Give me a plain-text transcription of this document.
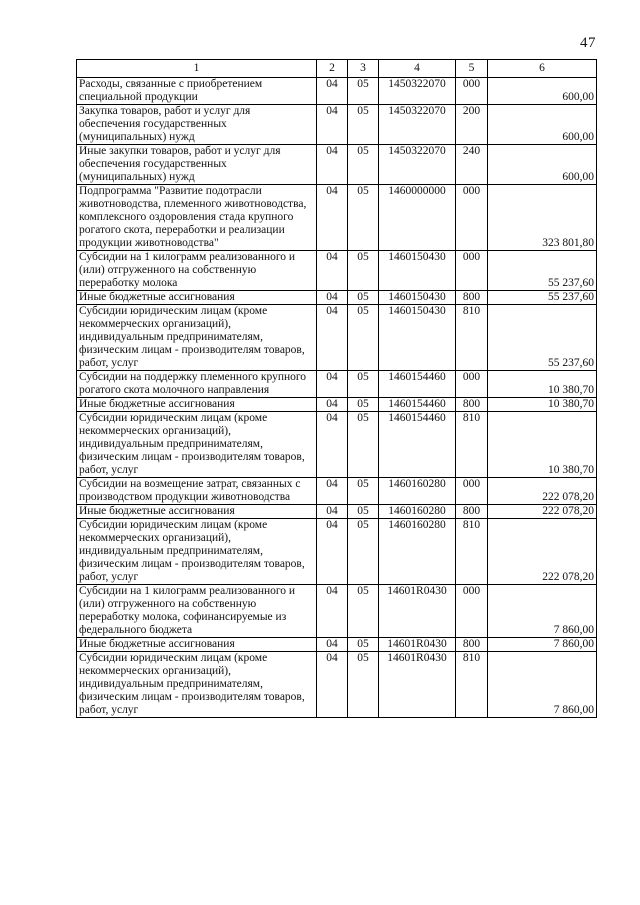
47
1	2	3	4	5	6
Расходы, связанные с приобретением специальной продукции	04	05	1450322070	000	600,00
Закупка товаров, работ и услуг для обеспечения государственных (муниципальных) нужд	04	05	1450322070	200	600,00
Иные закупки товаров, работ и услуг для обеспечения государственных (муниципальных) нужд	04	05	1450322070	240	600,00
Подпрограмма "Развитие подотрасли животноводства, племенного животноводства, комплексного оздоровления стада крупного рогатого скота, переработки и реализации продукции животноводства"	04	05	1460000000	000	323 801,80
Субсидии на 1 килограмм реализованного и (или) отгруженного на собственную переработку молока	04	05	1460150430	000	55 237,60
Иные бюджетные ассигнования	04	05	1460150430	800	55 237,60
Субсидии юридическим лицам (кроме некоммерческих организаций), индивидуальным предпринимателям, физическим лицам - производителям товаров, работ, услуг	04	05	1460150430	810	55 237,60
Субсидии на поддержку племенного крупного рогатого скота молочного направления	04	05	1460154460	000	10 380,70
Иные бюджетные ассигнования	04	05	1460154460	800	10 380,70
Субсидии юридическим лицам (кроме некоммерческих организаций), индивидуальным предпринимателям, физическим лицам - производителям товаров, работ, услуг	04	05	1460154460	810	10 380,70
Субсидии на возмещение затрат, связанных с производством продукции животноводства	04	05	1460160280	000	222 078,20
Иные бюджетные ассигнования	04	05	1460160280	800	222 078,20
Субсидии юридическим лицам (кроме некоммерческих организаций), индивидуальным предпринимателям, физическим лицам - производителям товаров, работ, услуг	04	05	1460160280	810	222 078,20
Субсидии на 1 килограмм реализованного и (или) отгруженного на собственную переработку молока, софинансируемые из федерального бюджета	04	05	14601R0430	000	7 860,00
Иные бюджетные ассигнования	04	05	14601R0430	800	7 860,00
Субсидии юридическим лицам (кроме некоммерческих организаций), индивидуальным предпринимателям, физическим лицам - производителям товаров, работ, услуг	04	05	14601R0430	810	7 860,00
